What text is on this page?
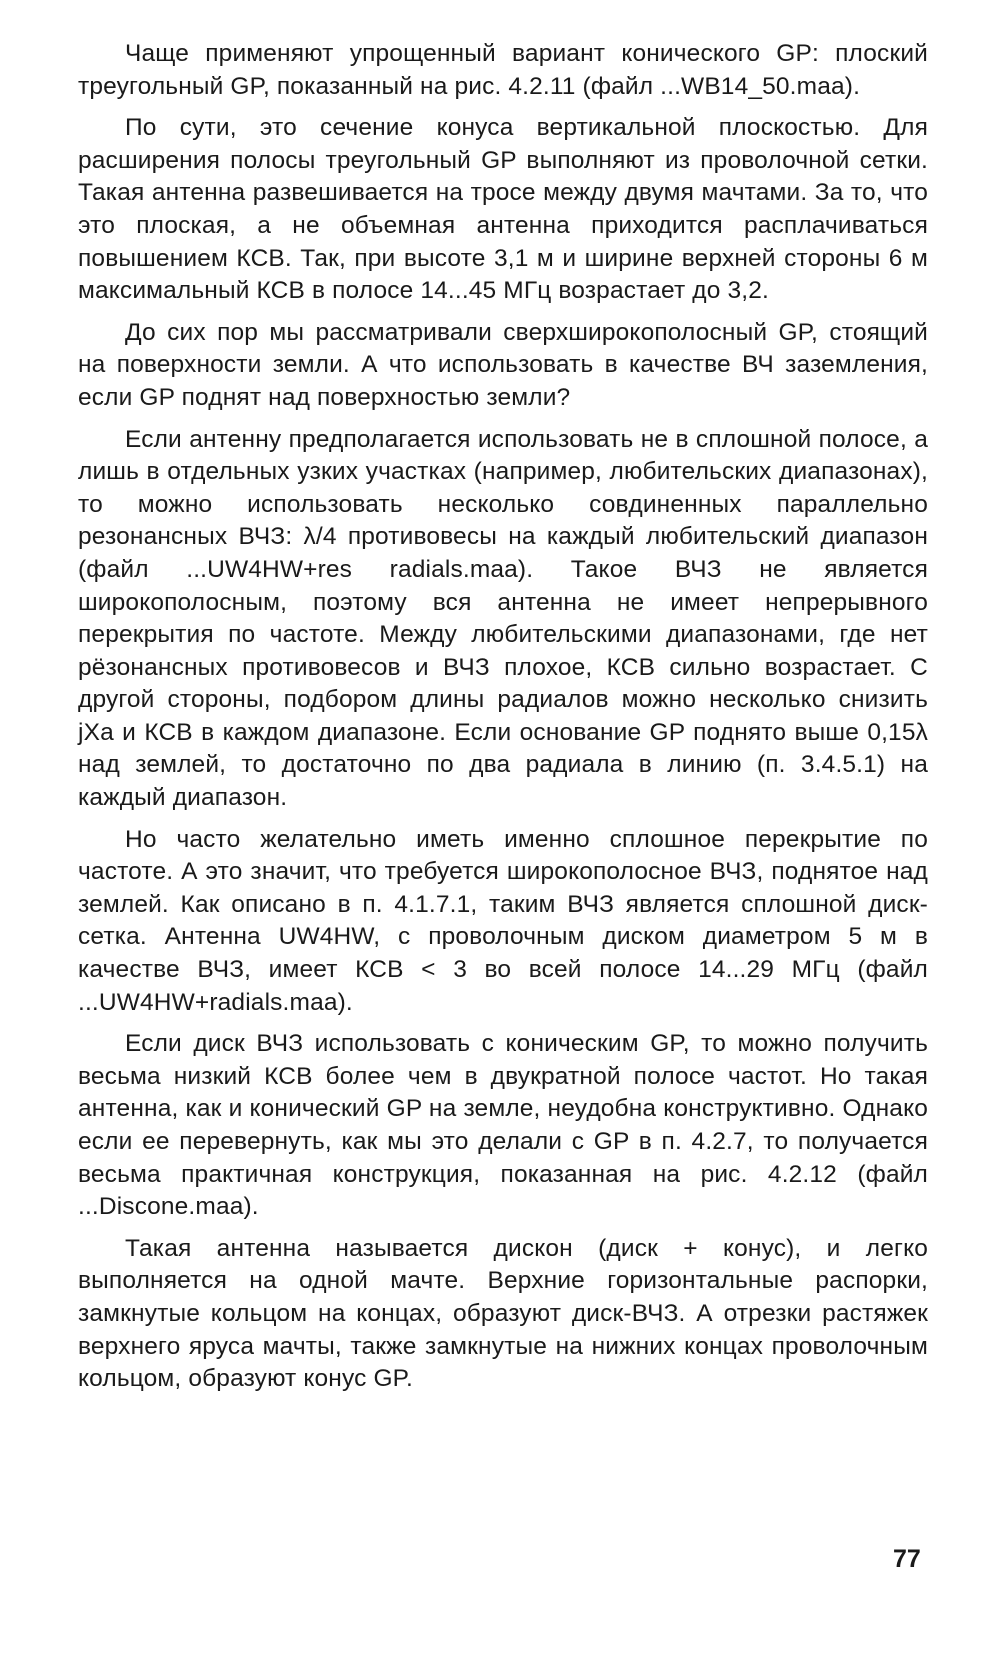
Чаще применяют упрощенный вариант конического GP: плоский треугольный GP, показанный на рис. 4.2.11 (файл ...WB14_50.maa).

По сути, это сечение конуса вертикальной плоскостью. Для расширения полосы треугольный GP выполняют из проволочной сетки. Такая антенна развешивается на тросе между двумя мачтами. За то, что это плоская, а не объемная антенна приходится расплачиваться повышением КСВ. Так, при высоте 3,1 м и ширине верхней стороны 6 м максимальный КСВ в полосе 14...45 МГц возрастает до 3,2.

До сих пор мы рассматривали сверхширокополосный GP, стоящий на поверхности земли. А что использовать в качестве ВЧ заземления, если GP поднят над поверхностью земли?

Если антенну предполагается использовать не в сплошной полосе, а лишь в отдельных узких участках (например, любительских диапазонах), то можно использовать несколько совдиненных параллельно резонансных ВЧЗ: λ/4 противовесы на каждый любительский диапазон (файл ...UW4HW+res radials.maa). Такое ВЧЗ не является широкополосным, поэтому вся антенна не имеет непрерывного перекрытия по частоте. Между любительскими диапазонами, где нет рёзонансных противовесов и ВЧЗ плохое, КСВ сильно возрастает. С другой стороны, подбором длины радиалов можно несколько снизить jXa и КСВ в каждом диапазоне. Если основание GP поднято выше 0,15λ над землей, то достаточно по два радиала в линию (п. 3.4.5.1) на каждый диапазон.

Но часто желательно иметь именно сплошное перекрытие по частоте. А это значит, что требуется широкополосное ВЧЗ, поднятое над землей. Как описано в п. 4.1.7.1, таким ВЧЗ является сплошной диск-сетка. Антенна UW4HW, с проволочным диском диаметром 5 м в качестве ВЧЗ, имеет КСВ < 3 во всей полосе 14...29 МГц (файл ...UW4HW+radials.maa).

Если диск ВЧЗ использовать с коническим GP, то можно получить весьма низкий КСВ более чем в двукратной полосе частот. Но такая антенна, как и конический GP на земле, неудобна конструктивно. Однако если ее перевернуть, как мы это делали с GP в п. 4.2.7, то получается весьма практичная конструкция, показанная на рис. 4.2.12 (файл ...Discone.maa).

Такая антенна называется дискон (диск + конус), и легко выполняется на одной мачте. Верхние горизонтальные распорки, замкнутые кольцом на концах, образуют диск-ВЧЗ. А отрезки растяжек верхнего яруса мачты, также замкнутые на нижних концах проволочным кольцом, образуют конус GP.

77
